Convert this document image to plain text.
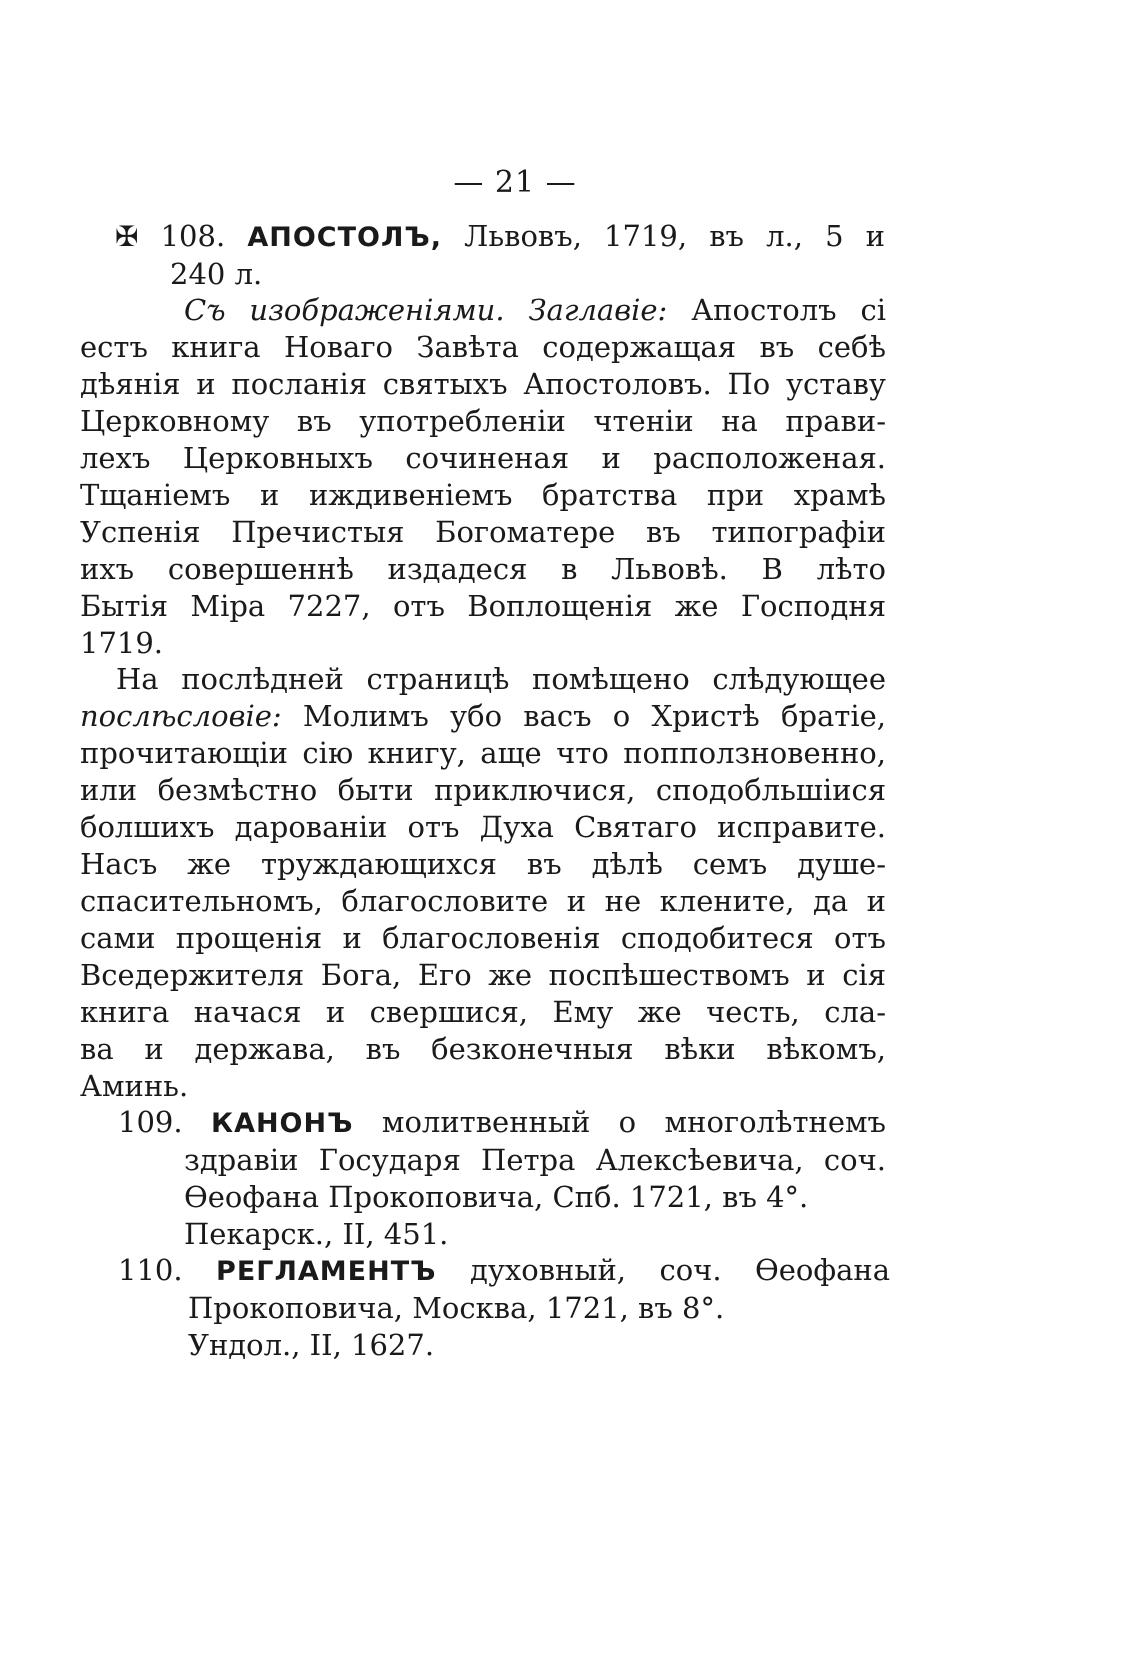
— 21 —
✠ 108. АПОСТОЛЪ, Львовъ, 1719, въ л., 5 и
240 л.
Съ изображеніями. Заглавіе: Апостолъ сі
естъ книга Новаго Завѣта содержащая въ себѣ
дѣянія и посланія святыхъ Апостоловъ. По уставу
Церковному въ употребленіи чтеніи на прави-
лехъ Церковныхъ сочиненая и расположеная.
Тщаніемъ и иждивеніемъ братства при храмѣ
Успенія Пречистыя Богоматере въ типографіи
ихъ совершеннѣ издадеся в Львовѣ. В лѣто
Бытія Міра 7227, отъ Воплощенія же Господня
1719.
На послѣдней страницѣ помѣщено слѣдующее
послѣсловіе: Молимъ убо васъ о Христѣ братіе,
прочитающіи сію книгу, аще что попползновенно,
или безмѣстно быти приключися, сподобльшіися
болшихъ дарованіи отъ Духа Святаго исправите.
Насъ же труждающихся въ дѣлѣ семъ душе-
спасительномъ, благословите и не клените, да и
сами прощенія и благословенія сподобитеся отъ
Вседержителя Бога, Его же поспѣшествомъ и сія
книга начася и свершися, Ему же честь, сла-
ва и держава, въ безконечныя вѣки вѣкомъ,
Аминь.
109. КАНОНЪ молитвенный о многолѣтнемъ
здравіи Государя Петра Алексѣевича, соч.
Ѳеофана Прокоповича, Спб. 1721, въ 4°.
Пекарск., II, 451.
110. РЕГЛАМЕНТЪ духовный, соч. Ѳеофана
Прокоповича, Москва, 1721, въ 8°.
Ундол., II, 1627.
